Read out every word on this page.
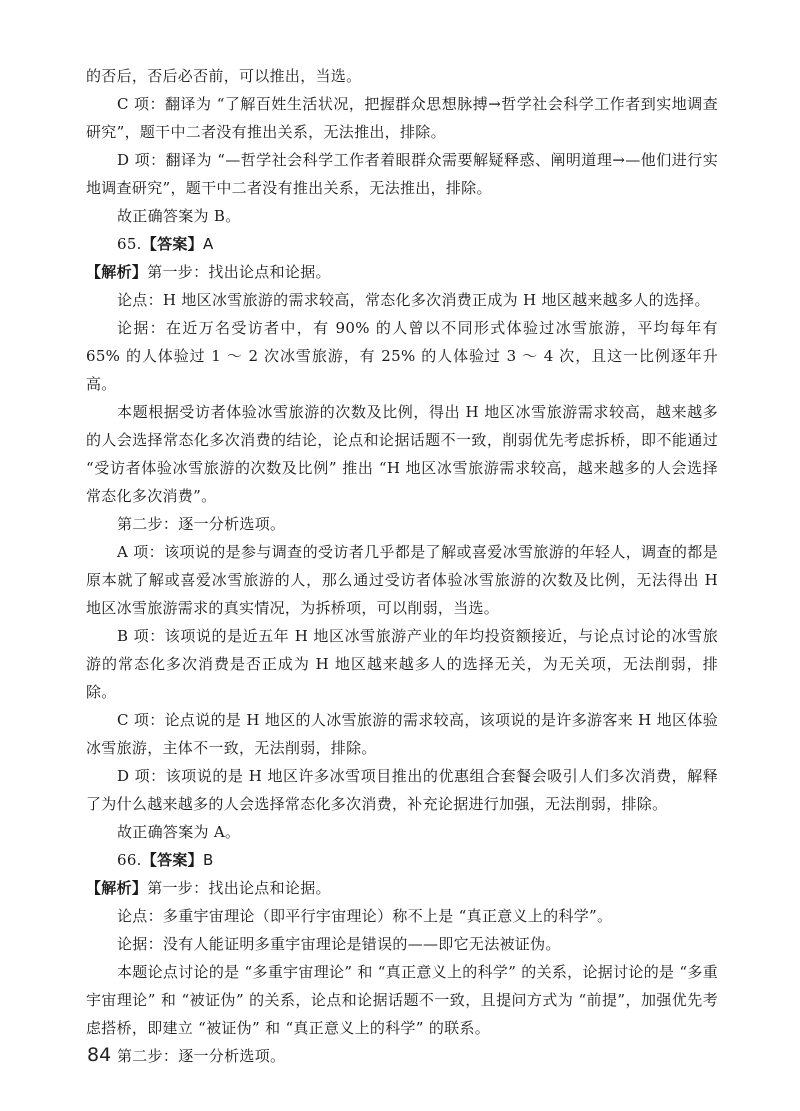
的否后，否后必否前，可以推出，当选。

C 项：翻译为 “了解百姓生活状况，把握群众思想脉搏→哲学社会科学工作者到实地调查研究”，题干中二者没有推出关系，无法推出，排除。

D 项：翻译为 “—哲学社会科学工作者着眼群众需要解疑释惑、阐明道理→—他们进行实地调查研究”，题干中二者没有推出关系，无法推出，排除。

故正确答案为 B。

65.【答案】A

【解析】第一步：找出论点和论据。

论点：H 地区冰雪旅游的需求较高，常态化多次消费正成为 H 地区越来越多人的选择。

论据：在近万名受访者中，有 90% 的人曾以不同形式体验过冰雪旅游，平均每年有 65% 的人体验过 1 ～ 2 次冰雪旅游，有 25% 的人体验过 3 ～ 4 次，且这一比例逐年升高。

本题根据受访者体验冰雪旅游的次数及比例，得出 H 地区冰雪旅游需求较高，越来越多的人会选择常态化多次消费的结论，论点和论据话题不一致，削弱优先考虑拆桥，即不能通过 “受访者体验冰雪旅游的次数及比例” 推出 “H 地区冰雪旅游需求较高，越来越多的人会选择常态化多次消费”。

第二步：逐一分析选项。

A 项：该项说的是参与调查的受访者几乎都是了解或喜爱冰雪旅游的年轻人，调查的都是原本就了解或喜爱冰雪旅游的人，那么通过受访者体验冰雪旅游的次数及比例，无法得出 H 地区冰雪旅游需求的真实情况，为拆桥项，可以削弱，当选。

B 项：该项说的是近五年 H 地区冰雪旅游产业的年均投资额接近，与论点讨论的冰雪旅游的常态化多次消费是否正成为 H 地区越来越多人的选择无关，为无关项，无法削弱，排除。

C 项：论点说的是 H 地区的人冰雪旅游的需求较高，该项说的是许多游客来 H 地区体验冰雪旅游，主体不一致，无法削弱，排除。

D 项：该项说的是 H 地区许多冰雪项目推出的优惠组合套餐会吸引人们多次消费，解释了为什么越来越多的人会选择常态化多次消费，补充论据进行加强，无法削弱，排除。

故正确答案为 A。

66.【答案】B

【解析】第一步：找出论点和论据。

论点：多重宇宙理论（即平行宇宙理论）称不上是 “真正意义上的科学”。

论据：没有人能证明多重宇宙理论是错误的——即它无法被证伪。

本题论点讨论的是 “多重宇宙理论” 和 “真正意义上的科学” 的关系，论据讨论的是 “多重宇宙理论” 和 “被证伪” 的关系，论点和论据话题不一致，且提问方式为 “前提”，加强优先考虑搭桥，即建立 “被证伪” 和 “真正意义上的科学” 的联系。

第二步：逐一分析选项。

84
